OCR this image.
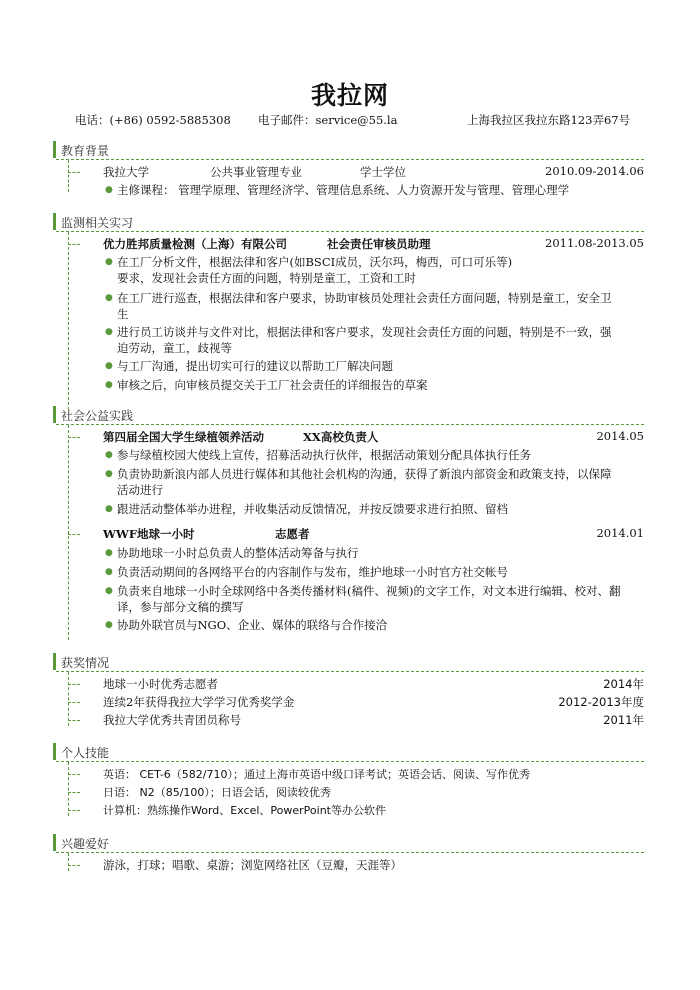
我拉网
电话：(+86) 0592-5885308 电子邮件：service@55.la	上海我拉区我拉东路123弄67号
教育背景
我拉大学	公共事业管理专业	学士学位	2010.09-2014.06
● 主修课程： 管理学原理、管理经济学、管理信息系统、人力资源开发与管理、管理心理学
监测相关实习
优力胜邦质量检测（上海）有限公司	社会责任审核员助理	2011.08-2013.05
● 在工厂分析文件，根据法律和客户(如BSCI成员，沃尔玛，梅西，可口可乐等)
要求，发现社会责任方面的问题，特别是童工，工资和工时
● 在工厂进行巡查，根据法律和客户要求，协助审核员处理社会责任方面问题，特别是童工，安全卫
生
● 进行员工访谈并与文件对比，根据法律和客户要求，发现社会责任方面的问题，特别是不一致，强
迫劳动，童工，歧视等
● 与工厂沟通，提出切实可行的建议以帮助工厂解决问题
● 审核之后，向审核员提交关于工厂社会责任的详细报告的草案
社会公益实践
第四届全国大学生绿植领养活动	XX高校负责人	2014.05
● 参与绿植校园大使线上宣传，招募活动执行伙伴，根据活动策划分配具体执行任务
● 负责协助新浪内部人员进行媒体和其他社会机构的沟通，获得了新浪内部资金和政策支持，以保障
活动进行
● 跟进活动整体举办进程，并收集活动反馈情况，并按反馈要求进行拍照、留档
WWF地球一小时	志愿者	2014.01
● 协助地球一小时总负责人的整体活动筹备与执行
● 负责活动期间的各网络平台的内容制作与发布，维护地球一小时官方社交帐号
● 负责来自地球一小时全球网络中各类传播材料(稿件、视频)的文字工作，对文本进行编辑、校对、翻
译，参与部分文稿的撰写
● 协助外联官员与NGO、企业、媒体的联络与合作接洽
获奖情况
地球一小时优秀志愿者	2014年
连续2年获得我拉大学学习优秀奖学金	2012-2013年度
我拉大学优秀共青团员称号	2011年
个人技能
英语： CET-6（582/710）；通过上海市英语中级口译考试；英语会话、阅读、写作优秀
日语： N2（85/100）；日语会话，阅读较优秀
计算机：熟练操作Word、Excel、PowerPoint等办公软件
兴趣爱好
游泳，打球；唱歌、桌游；浏览网络社区（豆瓣，天涯等）
